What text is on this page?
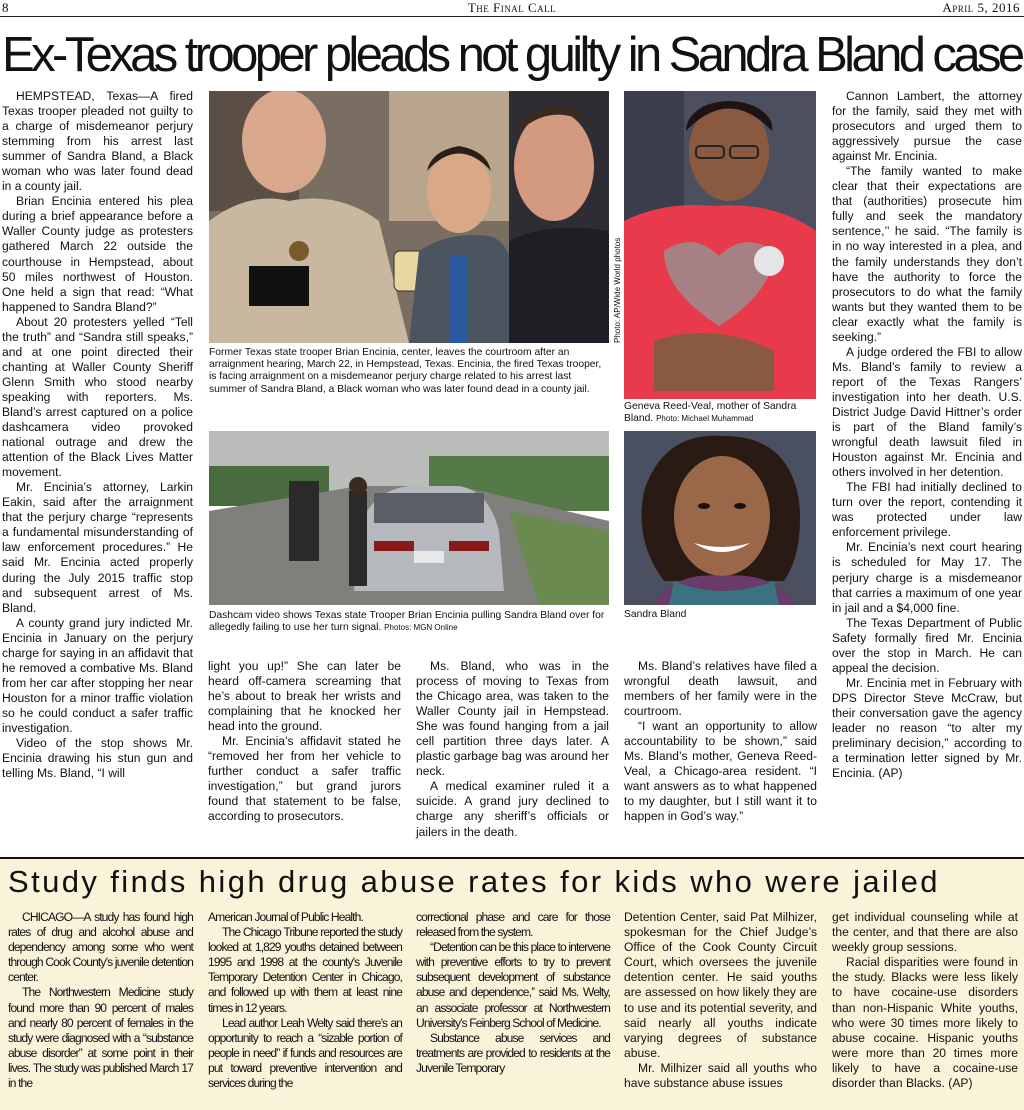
8	The Final Call	April 5, 2016
Ex-Texas trooper pleads not guilty in Sandra Bland case

HEMPSTEAD, Texas—A fired Texas trooper pleaded not guilty to a charge of misdemeanor perjury stemming from his arrest last summer of Sandra Bland, a Black woman who was later found dead in a county jail.

Brian Encinia entered his plea during a brief appearance before a Waller County judge as protesters gathered March 22 outside the courthouse in Hempstead, about 50 miles northwest of Houston. One held a sign that read: “What happened to Sandra Bland?”

About 20 protesters yelled “Tell the truth” and “Sandra still speaks,” and at one point directed their chanting at Waller County Sheriff Glenn Smith who stood nearby speaking with reporters. Ms. Bland’s arrest captured on a police dashcamera video provoked national outrage and drew the attention of the Black Lives Matter movement.

Mr. Encinia’s attorney, Larkin Eakin, said after the arraignment that the perjury charge “represents a fundamental misunderstanding of law enforcement procedures.” He said Mr. Encinia acted properly during the July 2015 traffic stop and subsequent arrest of Ms. Bland.

A county grand jury indicted Mr. Encinia in January on the perjury charge for saying in an affidavit that he removed a combative Ms. Bland from her car after stopping her near Houston for a minor traffic violation so he could conduct a safer traffic investigation.

Video of the stop shows Mr. Encinia drawing his stun gun and telling Ms. Bland, “I will

Former Texas state trooper Brian Encinia, center, leaves the courtroom after an arraignment hearing, March 22, in Hempstead, Texas. Encinia, the fired Texas trooper, is facing arraignment on a misdemeanor perjury charge related to his arrest last summer of Sandra Bland, a Black woman who was later found dead in a county jail.
Photo: AP/Wide World photos
Geneva Reed-Veal, mother of Sandra Bland. Photo: Michael Muhammad
Dashcam video shows Texas state Trooper Brian Encinia pulling Sandra Bland over for allegedly failing to use her turn signal. Photos: MGN Online
Sandra Bland

light you up!” She can later be heard off-camera screaming that he’s about to break her wrists and complaining that he knocked her head into the ground.

Mr. Encinia’s affidavit stated he “removed her from her vehicle to further conduct a safer traffic investigation,” but grand jurors found that statement to be false, according to prosecutors.

Ms. Bland, who was in the process of moving to Texas from the Chicago area, was taken to the Waller County jail in Hempstead. She was found hanging from a jail cell partition three days later. A plastic garbage bag was around her neck.

A medical examiner ruled it a suicide. A grand jury declined to charge any sheriff’s officials or jailers in the death.

Ms. Bland’s relatives have filed a wrongful death lawsuit, and members of her family were in the courtroom.

“I want an opportunity to allow accountability to be shown,” said Ms. Bland’s mother, Geneva Reed-Veal, a Chicago-area resident. “I want answers as to what happened to my daughter, but I still want it to happen in God’s way.”

Cannon Lambert, the attorney for the family, said they met with prosecutors and urged them to aggressively pursue the case against Mr. Encinia.

“The family wanted to make clear that their expectations are that (authorities) prosecute him fully and seek the mandatory sentence,’’ he said. “The family is in no way interested in a plea, and the family understands they don’t have the authority to force the prosecutors to do what the family wants but they wanted them to be clear exactly what the family is seeking.”

A judge ordered the FBI to allow Ms. Bland’s family to review a report of the Texas Rangers’ investigation into her death. U.S. District Judge David Hittner’s order is part of the Bland family’s wrongful death lawsuit filed in Houston against Mr. Encinia and others involved in her detention.

The FBI had initially declined to turn over the report, contending it was protected under law enforcement privilege.

Mr. Encinia’s next court hearing is scheduled for May 17. The perjury charge is a misdemeanor that carries a maximum of one year in jail and a $4,000 fine.

The Texas Department of Public Safety formally fired Mr. Encinia over the stop in March. He can appeal the decision.

Mr. Encinia met in February with DPS Director Steve McCraw, but their conversation gave the agency leader no reason “to alter my preliminary decision,” according to a termination letter signed by Mr. Encinia. (AP)

Study finds high drug abuse rates for kids who were jailed

CHICAGO—A study has found high rates of drug and alcohol abuse and dependency among some who went through Cook County’s juvenile detention center.

The Northwestern Medicine study found more than 90 percent of males and nearly 80 percent of females in the study were diagnosed with a “substance abuse disorder” at some point in their lives. The study was published March 17 in the

American Journal of Public Health.

The Chicago Tribune reported the study looked at 1,829 youths detained between 1995 and 1998 at the county’s Juvenile Temporary Detention Center in Chicago, and followed up with them at least nine times in 12 years.

Lead author Leah Welty said there’s an opportunity to reach a “sizable portion of people in need” if funds and resources are put toward preventive intervention and services during the

correctional phase and care for those released from the system.

“Detention can be this place to intervene with preventive efforts to try to prevent subsequent development of substance abuse and dependence,’’ said Ms. Welty, an associate professor at Northwestern University’s Feinberg School of Medicine.

Substance abuse services and treatments are provided to residents at the Juvenile Temporary

Detention Center, said Pat Milhizer, spokesman for the Chief Judge’s Office of the Cook County Circuit Court, which oversees the juvenile detention center. He said youths are assessed on how likely they are to use and its potential severity, and said nearly all youths indicate varying degrees of substance abuse.

Mr. Milhizer said all youths who have substance abuse issues

get individual counseling while at the center, and that there are also weekly group sessions.

Racial disparities were found in the study. Blacks were less likely to have cocaine-use disorders than non-Hispanic White youths, who were 30 times more likely to abuse cocaine. Hispanic youths were more than 20 times more likely to have a cocaine-use disorder than Blacks. (AP)
